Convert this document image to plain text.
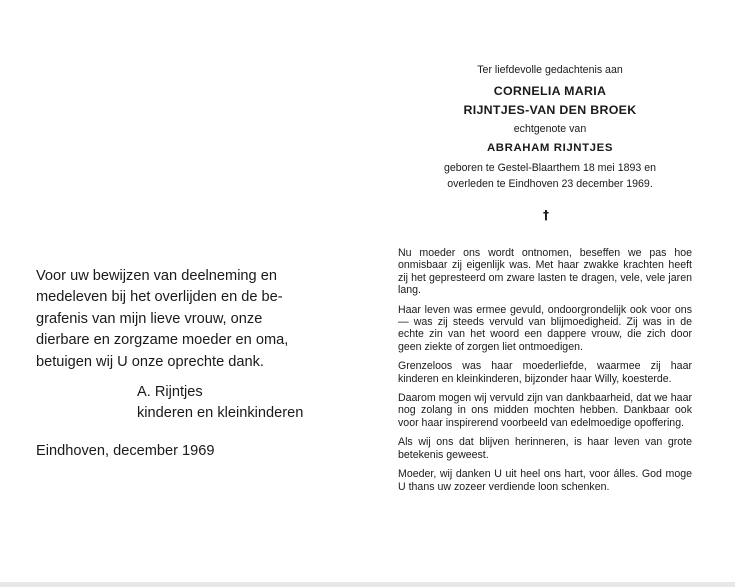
Voor uw bewijzen van deelneming en
medeleven bij het overlijden en de be-
grafenis van mijn lieve vrouw, onze
dierbare en zorgzame moeder en oma,
betuigen wij U onze oprechte dank.
A. Rijntjes
kinderen en kleinkinderen
Eindhoven, december 1969
Ter liefdevolle gedachtenis aan
CORNELIA MARIA
RIJNTJES-VAN DEN BROEK
echtgenote van
ABRAHAM RIJNTJES
geboren te Gestel-Blaarthem 18 mei 1893 en
overleden te Eindhoven 23 december 1969.
†

Nu moeder ons wordt ontnomen, beseffen we pas hoe onmisbaar zij eigenlijk was. Met haar zwakke krachten heeft zij het gepresteerd om zware lasten te dragen, vele, vele jaren lang.

Haar leven was ermee gevuld, ondoorgrondelijk ook voor ons — was zij steeds vervuld van blijmoedigheid. Zij was in de echte zin van het woord een dappere vrouw, die zich door geen ziekte of zorgen liet ontmoedigen.

Grenzeloos was haar moederliefde, waarmee zij haar kinderen en kleinkinderen, bijzonder haar Willy, koesterde.

Daarom mogen wij vervuld zijn van dankbaarheid, dat we haar nog zolang in ons midden mochten hebben. Dankbaar ook voor haar inspirerend voorbeeld van edelmoedige opoffering.

Als wij ons dat blijven herinneren, is haar leven van grote betekenis geweest.

Moeder, wij danken U uit heel ons hart, voor álles. God moge U thans uw zozeer verdiende loon schenken.
